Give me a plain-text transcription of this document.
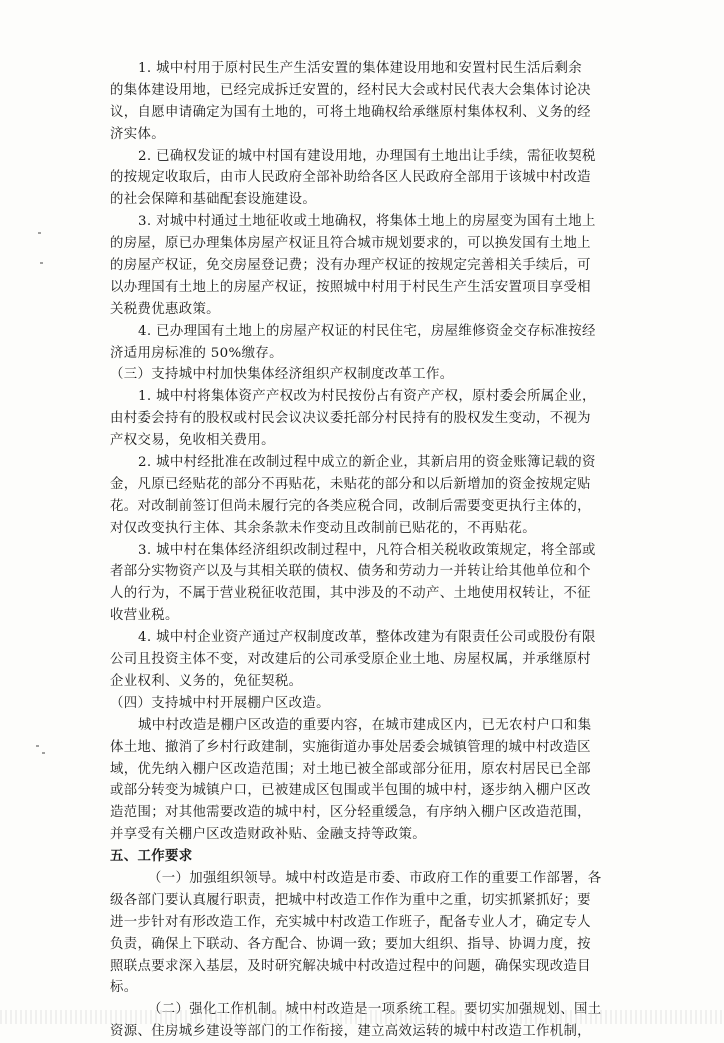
1. 城中村用于原村民生产生活安置的集体建设用地和安置村民生活后剩余
的集体建设用地，已经完成拆迁安置的，经村民大会或村民代表大会集体讨论决
议，自愿申请确定为国有土地的，可将土地确权给承继原村集体权利、义务的经
济实体。
2. 已确权发证的城中村国有建设用地，办理国有土地出让手续，需征收契税
的按规定收取后，由市人民政府全部补助给各区人民政府全部用于该城中村改造
的社会保障和基础配套设施建设。
3. 对城中村通过土地征收或土地确权，将集体土地上的房屋变为国有土地上
的房屋，原已办理集体房屋产权证且符合城市规划要求的，可以换发国有土地上
的房屋产权证，免交房屋登记费；没有办理产权证的按规定完善相关手续后，可
以办理国有土地上的房屋产权证，按照城中村用于村民生产生活安置项目享受相
关税费优惠政策。
4. 已办理国有土地上的房屋产权证的村民住宅，房屋维修资金交存标准按经
济适用房标准的 50%缴存。
（三）支持城中村加快集体经济组织产权制度改革工作。
1. 城中村将集体资产产权改为村民按份占有资产产权，原村委会所属企业，
由村委会持有的股权或村民会议决议委托部分村民持有的股权发生变动，不视为
产权交易，免收相关费用。
2. 城中村经批准在改制过程中成立的新企业，其新启用的资金账簿记载的资
金，凡原已经贴花的部分不再贴花，未贴花的部分和以后新增加的资金按规定贴
花。对改制前签订但尚未履行完的各类应税合同，改制后需要变更执行主体的，
对仅改变执行主体、其余条款未作变动且改制前已贴花的，不再贴花。
3. 城中村在集体经济组织改制过程中，凡符合相关税收政策规定，将全部或
者部分实物资产以及与其相关联的债权、债务和劳动力一并转让给其他单位和个
人的行为，不属于营业税征收范围，其中涉及的不动产、土地使用权转让，不征
收营业税。
4. 城中村企业资产通过产权制度改革，整体改建为有限责任公司或股份有限
公司且投资主体不变，对改建后的公司承受原企业土地、房屋权属，并承继原村
企业权利、义务的，免征契税。
（四）支持城中村开展棚户区改造。
城中村改造是棚户区改造的重要内容，在城市建成区内，已无农村户口和集
体土地、撤消了乡村行政建制，实施街道办事处居委会城镇管理的城中村改造区
域，优先纳入棚户区改造范围；对土地已被全部或部分征用，原农村居民已全部
或部分转变为城镇户口，已被建成区包围或半包围的城中村，逐步纳入棚户区改
造范围；对其他需要改造的城中村，区分轻重缓急，有序纳入棚户区改造范围，
并享受有关棚户区改造财政补贴、金融支持等政策。
五、工作要求
（一）加强组织领导。城中村改造是市委、市政府工作的重要工作部署，各
级各部门要认真履行职责，把城中村改造工作作为重中之重，切实抓紧抓好；要
进一步针对有形改造工作，充实城中村改造工作班子，配备专业人才，确定专人
负责，确保上下联动、各方配合、协调一致；要加大组织、指导、协调力度，按
照联点要求深入基层，及时研究解决城中村改造过程中的问题，确保实现改造目
标。
（二）强化工作机制。城中村改造是一项系统工程。要切实加强规划、国土
资源、住房城乡建设等部门的工作衔接，建立高效运转的城中村改造工作机制，
